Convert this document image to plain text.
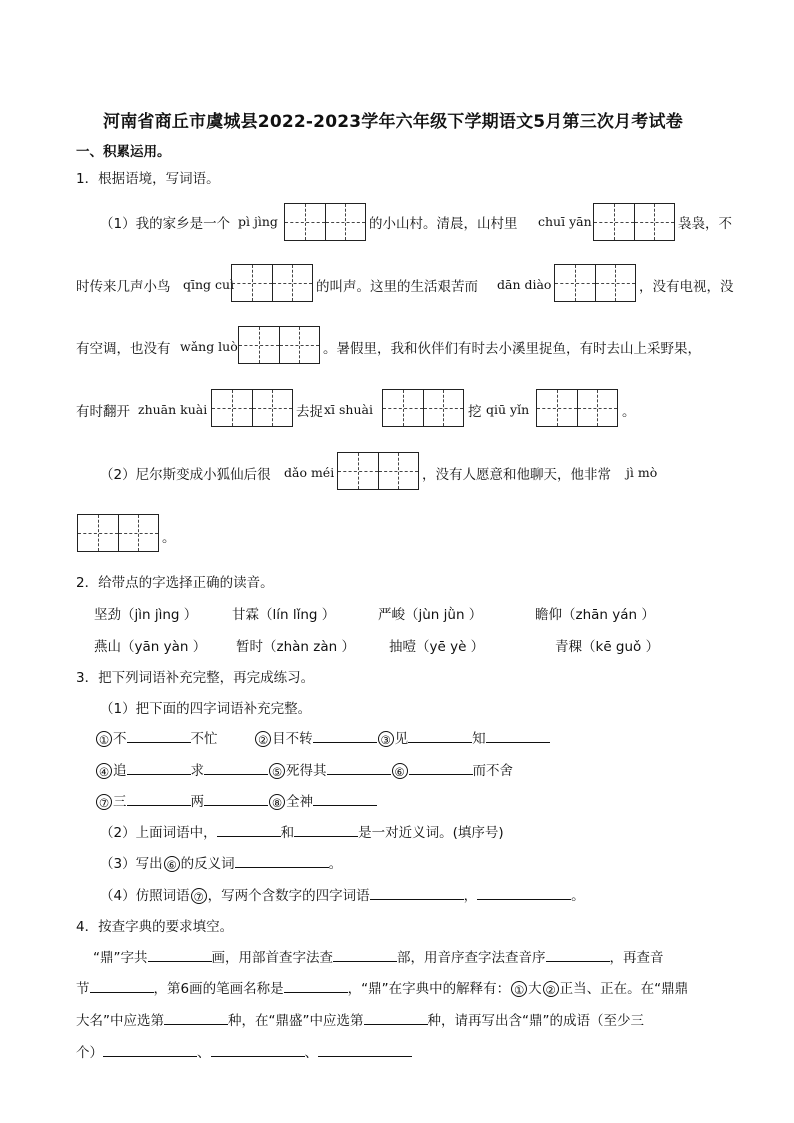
河南省商丘市虞城县2022-2023学年六年级下学期语文5月第三次月考试卷
一、积累运用。
1．根据语境，写词语。
（1）我的家乡是一个 pì jìng	的小山村。清晨，山村里 chuī yān	袅袅，不
时传来几声小鸟 qīng cuì	的叫声。这里的生活艰苦而 dān diào	，没有电视，没
有空调，也没有 wǎng luò	。暑假里，我和伙伴们有时去小溪里捉鱼，有时去山上采野果，
有时翻开 zhuān kuài	去捉 xī shuài	挖 qiū yǐn	。
（2）尼尔斯变成小狐仙后很 dǎo méi	，没有人愿意和他聊天，他非常 jì mò
。
2．给带点的字选择正确的读音。
坚劲（jìn jìng ）	甘霖（lín lǐng ）	严峻（jùn jǜn ）	瞻仰（zhān yán ）
燕山（yān yàn ） 暂时（zhàn zàn ）	抽噎（yē yè ）	青稞（kē guǒ ）
3．把下列词语补充完整，再完成练习。
（1）把下面的四字词语补充完整。
① 不	不忙	② 目不转	③ 见	知
④ 追	求	⑤ 死得其	⑥	而不舍
⑦ 三	两	⑧ 全神
（2）上面词语中，	和	是一对近义词。(填序号)
（3）写出 ⑥ 的反义词	。
（4）仿照词语 ⑦ ，写两个含数字的四字词语	，	。
4．按查字典的要求填空。
“鼎”字共	画，用部首查字法查	部，用音序查字法查音序	，再查音
节	，第6画的笔画名称是	，“鼎”在字典中的解释有： ① 大 ② 正当、正在。在“鼎鼎
大名”中应选第	种，在“鼎盛”中应选第	种，请再写出含“鼎”的成语（至少三
个）	、	、
